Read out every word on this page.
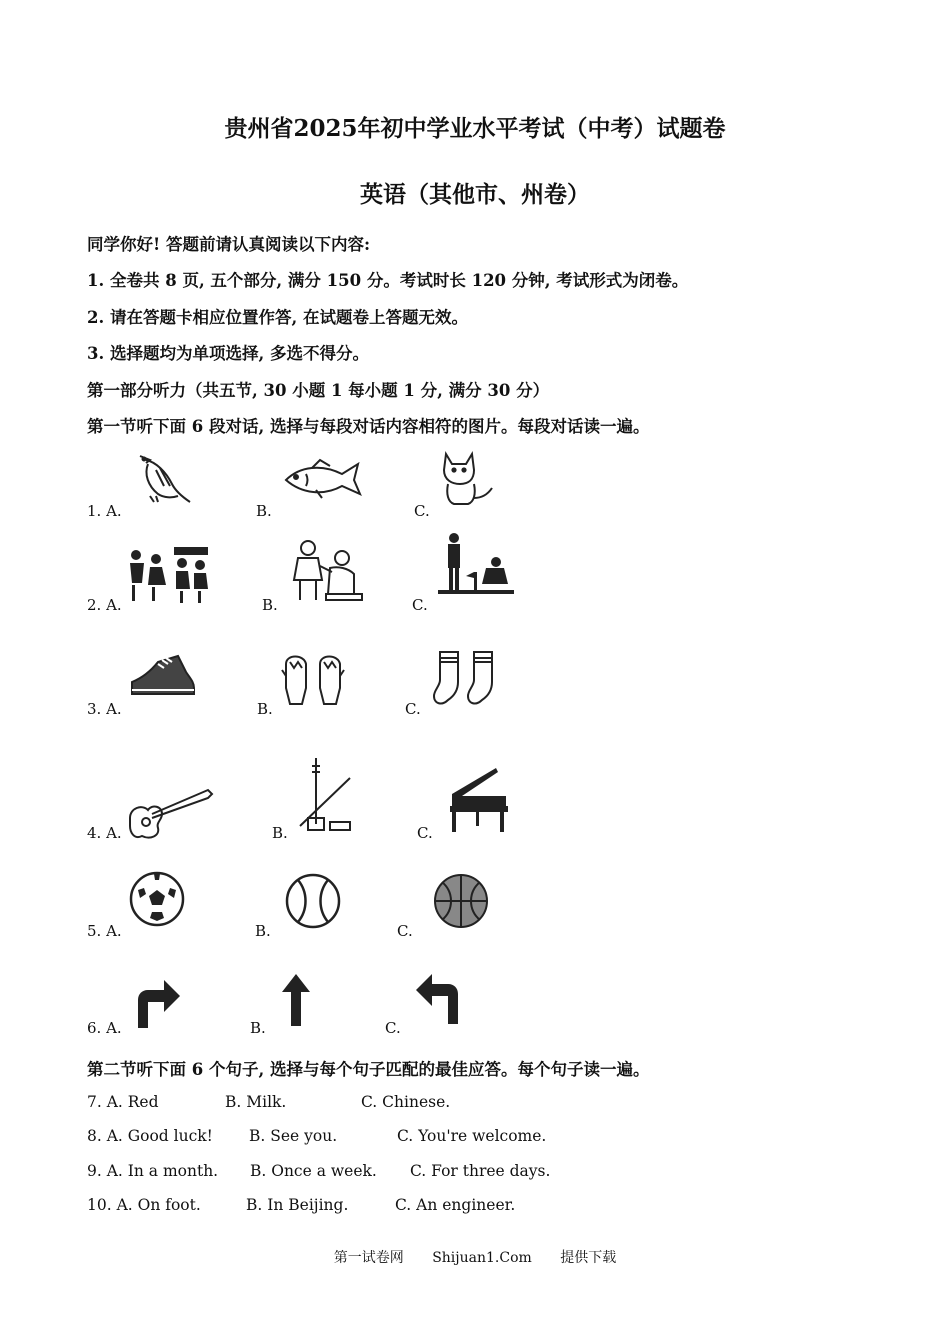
贵州省2025年初中学业水平考试（中考）试题卷
英语（其他市、州卷）
同学你好! 答题前请认真阅读以下内容:
1. 全卷共 8 页, 五个部分, 满分 150 分。考试时长 120 分钟, 考试形式为闭卷。
2. 请在答题卡相应位置作答, 在试题卷上答题无效。
3. 选择题均为单项选择, 多选不得分。
第一部分听力（共五节, 30 小题 1 每小题 1 分, 满分 30 分）
第一节听下面 6 段对话, 选择与每段对话内容相符的图片。每段对话读一遍。
1. A.	B.	C.
2. A.	B.	C.
3. A.	B.	C.
4. A.	B.	C.
5. A.	B.	C.
6. A.	B.	C.
第二节听下面 6 个句子, 选择与每个句子匹配的最佳应答。每个句子读一遍。
7. A. Red	B. Milk.	C. Chinese.
8. A. Good luck! B. See you.	C. You're welcome.
9. A. In a month. B. Once a week. C. For three days.
10. A. On foot.	B. In Beijing.	C. An engineer.
第一试卷网 Shijuan1.Com 提供下载
